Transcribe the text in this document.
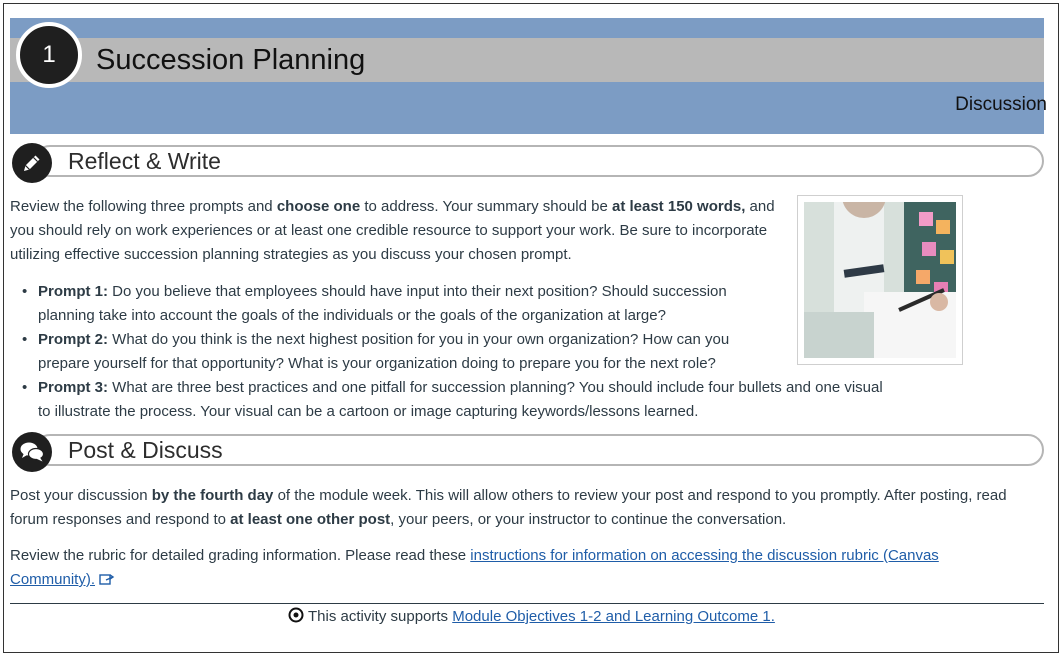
1 Succession Planning
Discussion
Reflect & Write

Review the following three prompts and choose one to address. Your summary should be at least 150 words, and you should rely on work experiences or at least one credible resource to support your work. Be sure to incorporate utilizing effective succession planning strategies as you discuss your chosen prompt.

• Prompt 1: Do you believe that employees should have input into their next position? Should succession planning take into account the goals of the individuals or the goals of the organization at large?
• Prompt 2: What do you think is the next highest position for you in your own organization? How can you prepare yourself for that opportunity? What is your organization doing to prepare you for the next role?
• Prompt 3: What are three best practices and one pitfall for succession planning? You should include four bullets and one visual to illustrate the process. Your visual can be a cartoon or image capturing keywords/lessons learned.
Post & Discuss

Post your discussion by the fourth day of the module week. This will allow others to review your post and respond to you promptly. After posting, read forum responses and respond to at least one other post, your peers, or your instructor to continue the conversation.

Review the rubric for detailed grading information. Please read these instructions for information on accessing the discussion rubric (Canvas Community).

This activity supports Module Objectives 1-2 and Learning Outcome 1.
